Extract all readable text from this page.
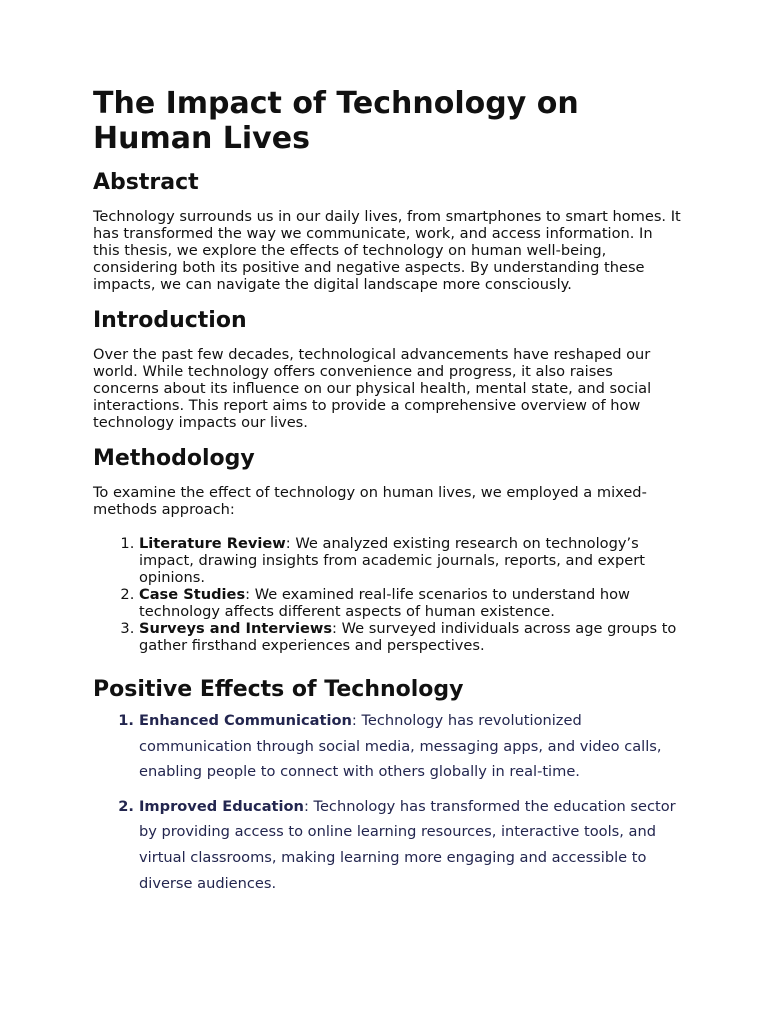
The Impact of Technology on Human Lives
Abstract

Technology surrounds us in our daily lives, from smartphones to smart homes. It has transformed the way we communicate, work, and access information. In this thesis, we explore the effects of technology on human well-being, considering both its positive and negative aspects. By understanding these impacts, we can navigate the digital landscape more consciously.

Introduction

Over the past few decades, technological advancements have reshaped our world. While technology offers convenience and progress, it also raises concerns about its influence on our physical health, mental state, and social interactions. This report aims to provide a comprehensive overview of how technology impacts our lives.

Methodology

To examine the effect of technology on human lives, we employed a mixed-methods approach:

1. Literature Review: We analyzed existing research on technology’s impact, drawing insights from academic journals, reports, and expert opinions.
2. Case Studies: We examined real-life scenarios to understand how technology affects different aspects of human existence.
3. Surveys and Interviews: We surveyed individuals across age groups to gather firsthand experiences and perspectives.
Positive Effects of Technology
1. Enhanced Communication: Technology has revolutionized communication through social media, messaging apps, and video calls, enabling people to connect with others globally in real-time.
2. Improved Education: Technology has transformed the education sector by providing access to online learning resources, interactive tools, and virtual classrooms, making learning more engaging and accessible to diverse audiences.
